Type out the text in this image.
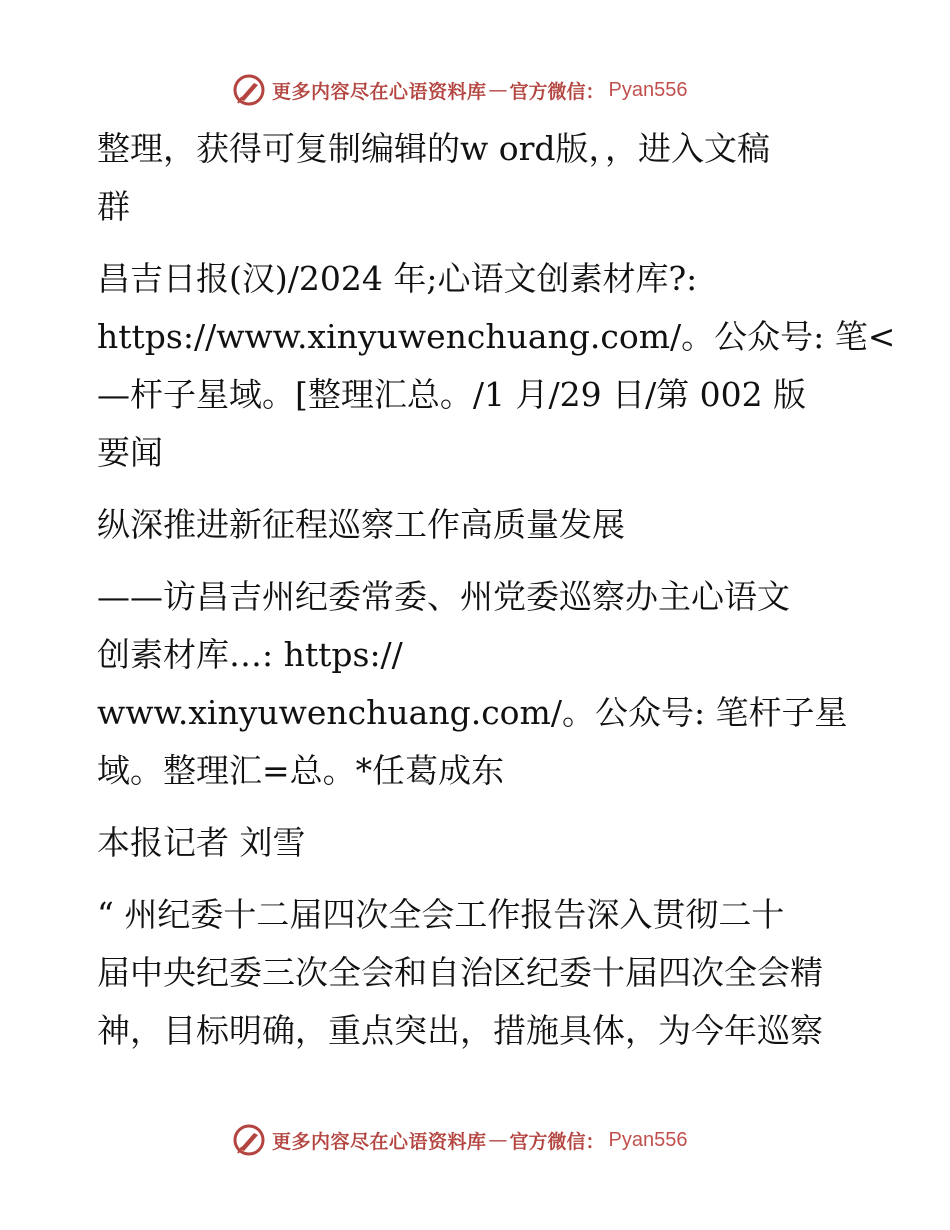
更多内容尽在心语资料库 — 官方微信： Pyan556
整理，获得可复制编辑的w ord版，，进入文稿
群
昌吉日报(汉)/2024 年;心语文创素材库?:
https://www.xinyuwenchuang.com/。公众号: 笔<
—杆子星域。[整理汇总。/1 月/29 日/第 002 版
要闻
纵深推进新征程巡察工作高质量发展
——访昌吉州纪委常委、州党委巡察办主心语文
创素材库…: https://
www.xinyuwenchuang.com/。公众号: 笔杆子星
域。整理汇=总。*任葛成东
本报记者 刘雪
“ 州纪委十二届四次全会工作报告深入贯彻二十
届中央纪委三次全会和自治区纪委十届四次全会精
神，目标明确，重点突出，措施具体，为今年巡察
更多内容尽在心语资料库 — 官方微信： Pyan556
